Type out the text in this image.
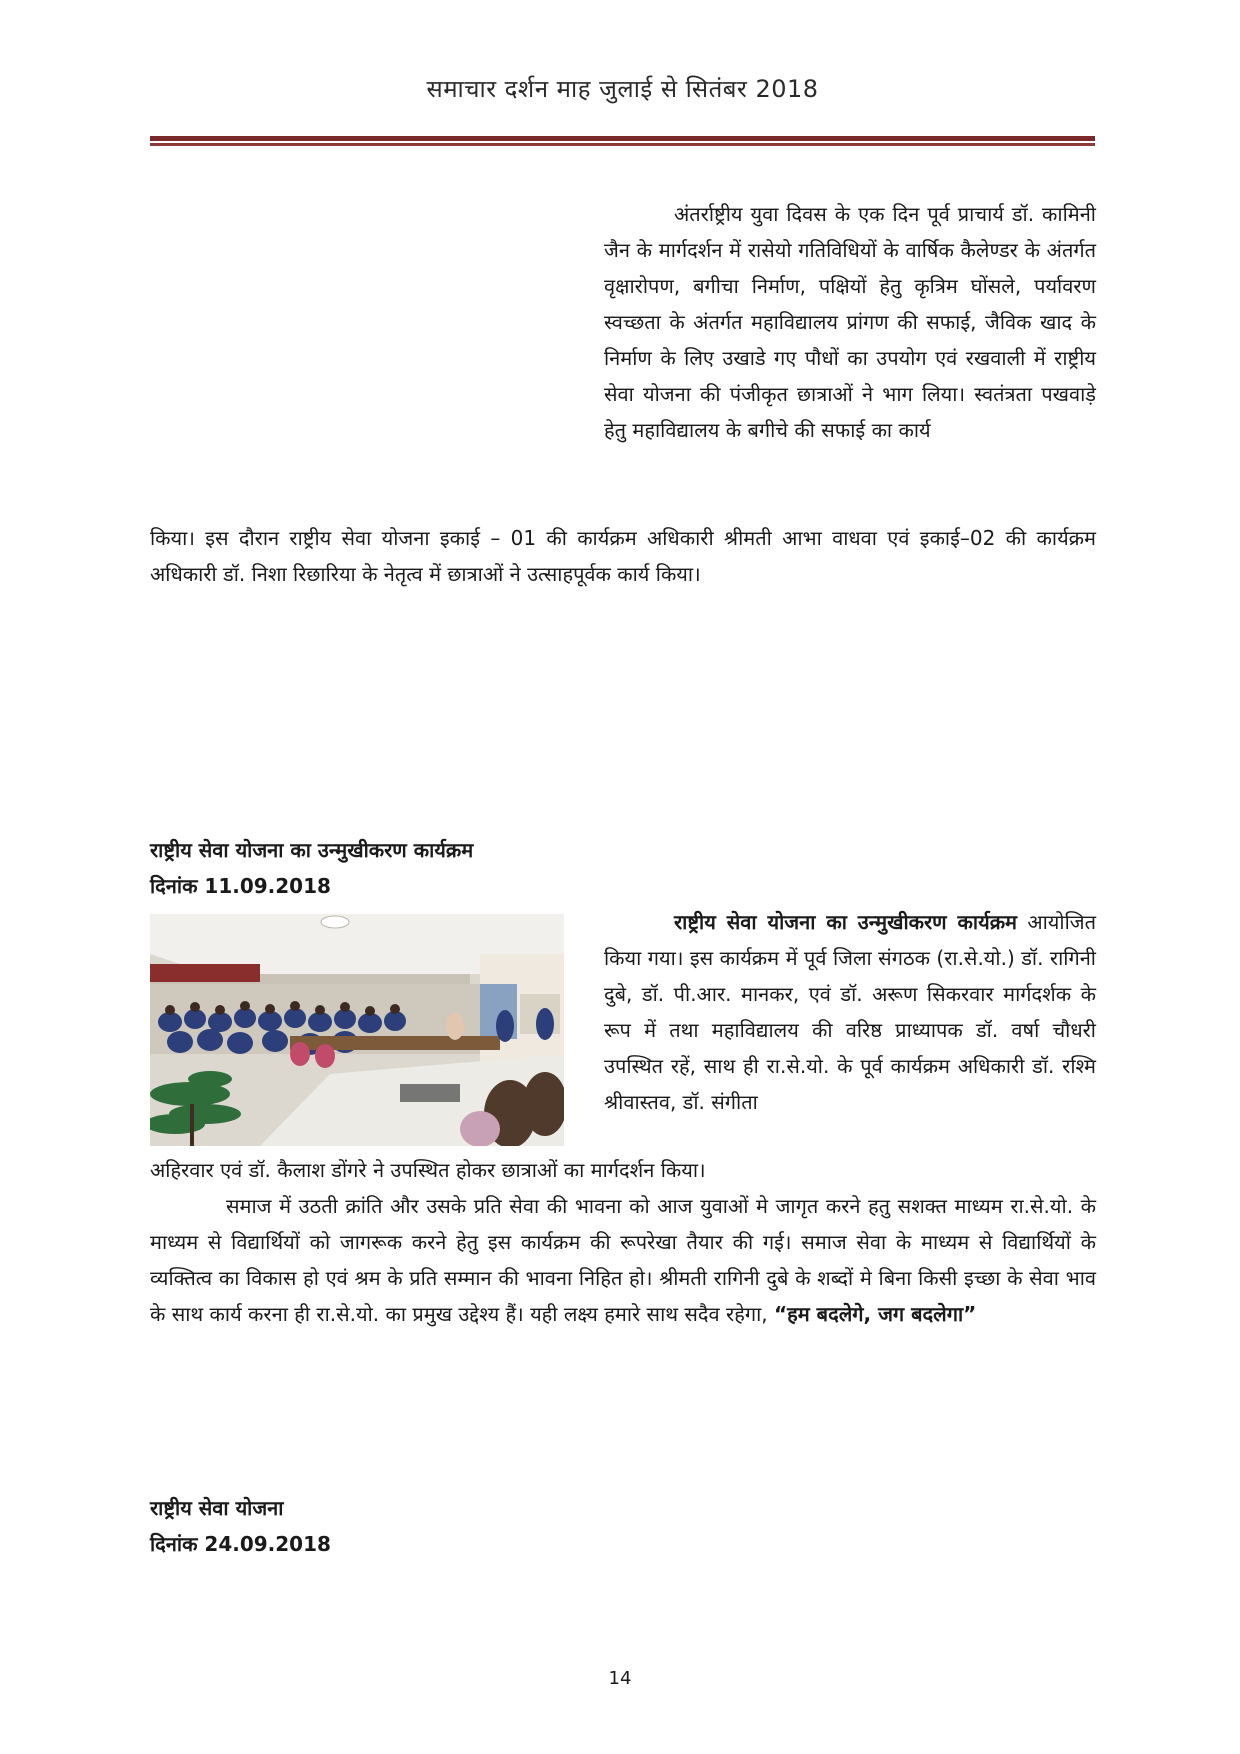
समाचार दर्शन माह जुलाई से सितंबर 2018

अंतर्राष्ट्रीय युवा दिवस के एक दिन पूर्व प्राचार्य डॉ. कामिनी जैन के मार्गदर्शन में रासेयो गतिविधियों के वार्षिक कैलेण्डर के अंतर्गत वृक्षारोपण, बगीचा निर्माण, पक्षियों हेतु कृत्रिम घोंसले, पर्यावरण स्वच्छता के अंतर्गत महाविद्यालय प्रांगण की सफाई, जैविक खाद के निर्माण के लिए उखाडे गए पौधों का उपयोग एवं रखवाली में राष्ट्रीय सेवा योजना की पंजीकृत छात्राओं ने भाग लिया। स्वतंत्रता पखवाड़े हेतु महाविद्यालय के बगीचे की सफाई का कार्य

किया। इस दौरान राष्ट्रीय सेवा योजना इकाई – 01 की कार्यक्रम अधिकारी श्रीमती आभा वाधवा एवं इकाई–02 की कार्यक्रम अधिकारी डॉ. निशा रिछारिया के नेतृत्व में छात्राओं ने उत्साहपूर्वक कार्य किया।

राष्ट्रीय सेवा योजना का उन्मुखीकरण कार्यक्रम

दिनांक 11.09.2018

राष्ट्रीय सेवा योजना का उन्मुखीकरण कार्यक्रम आयोजित किया गया। इस कार्यक्रम में पूर्व जिला संगठक (रा.से.यो.) डॉ. रागिनी दुबे, डॉ. पी.आर. मानकर, एवं डॉ. अरूण सिकरवार मार्गदर्शक के रूप में तथा महाविद्यालय की वरिष्ठ प्राध्यापक डॉ. वर्षा चौधरी उपस्थित रहें, साथ ही रा.से.यो. के पूर्व कार्यक्रम अधिकारी डॉ. रश्मि श्रीवास्तव, डॉ. संगीता

अहिरवार एवं डॉ. कैलाश डोंगरे ने उपस्थित होकर छात्राओं का मार्गदर्शन किया।

समाज में उठती क्रांति और उसके प्रति सेवा की भावना को आज युवाओं मे जागृत करने हतु सशक्त माध्यम रा.से.यो. के माध्यम से विद्यार्थियों को जागरूक करने हेतु इस कार्यक्रम की रूपरेखा तैयार की गई। समाज सेवा के माध्यम से विद्यार्थियों के व्यक्तित्व का विकास हो एवं श्रम के प्रति सम्मान की भावना निहित हो। श्रीमती रागिनी दुबे के शब्दों मे बिना किसी इच्छा के सेवा भाव के साथ कार्य करना ही रा.से.यो. का प्रमुख उद्देश्य हैं। यही लक्ष्य हमारे साथ सदैव रहेगा, “हम बदलेगे, जग बदलेगा”

राष्ट्रीय सेवा योजना

दिनांक 24.09.2018

14
